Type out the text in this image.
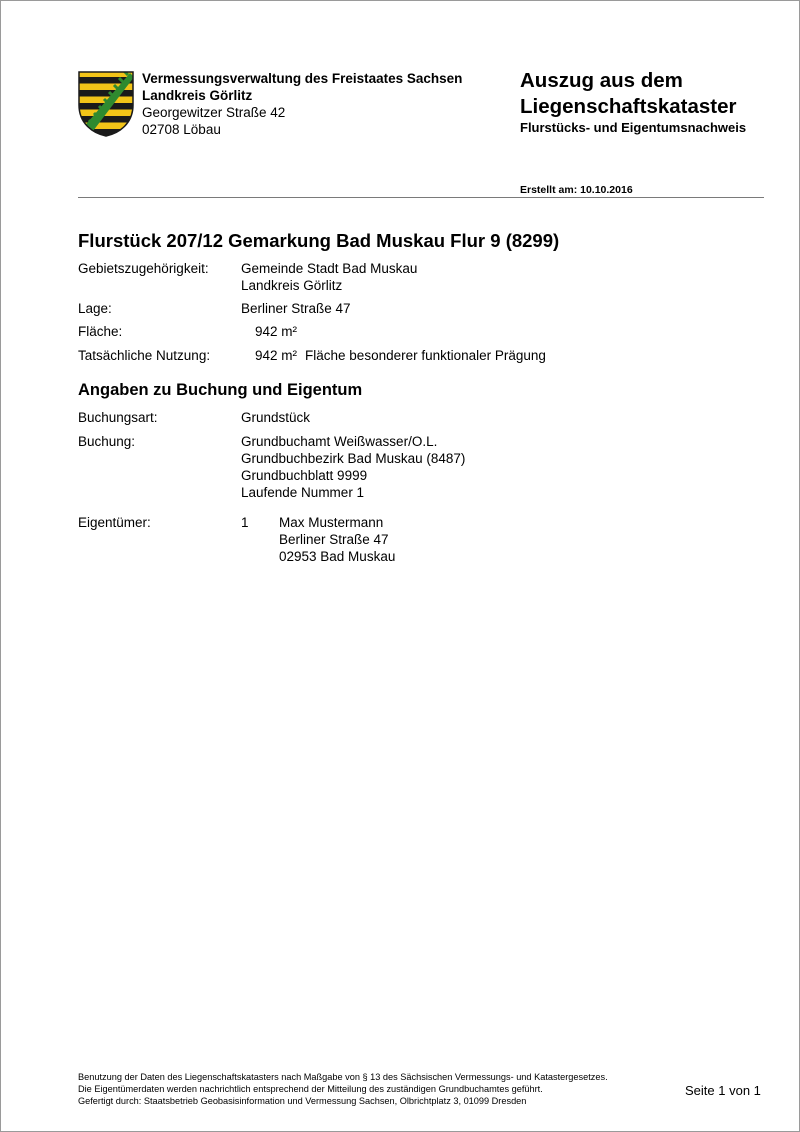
Vermessungsverwaltung des Freistaates Sachsen
Landkreis Görlitz
Georgewitzer Straße 42
02708 Löbau
Auszug aus dem
Liegenschaftskataster
Flurstücks- und Eigentumsnachweis
Erstellt am: 10.10.2016
Flurstück 207/12 Gemarkung Bad Muskau Flur 9 (8299)
Gebietszugehörigkeit: Gemeinde Stadt Bad Muskau
Landkreis Görlitz
Lage:	Berliner Straße 47
Fläche:	942 m²
Tatsächliche Nutzung:	942 m² Fläche besonderer funktionaler Prägung
Angaben zu Buchung und Eigentum
Buchungsart:	Grundstück
Buchung:	Grundbuchamt Weißwasser/O.L.
Grundbuchbezirk Bad Muskau (8487)
Grundbuchblatt 9999
Laufende Nummer 1
Eigentümer:	1 Max Mustermann
Berliner Straße 47
02953 Bad Muskau
Benutzung der Daten des Liegenschaftskatasters nach Maßgabe von § 13 des Sächsischen Vermessungs- und Katastergesetzes.
Die Eigentümerdaten werden nachrichtlich entsprechend der Mitteilung des zuständigen Grundbuchamtes geführt.
Gefertigt durch: Staatsbetrieb Geobasisinformation und Vermessung Sachsen, Olbrichtplatz 3, 01099 Dresden
Seite 1 von 1
